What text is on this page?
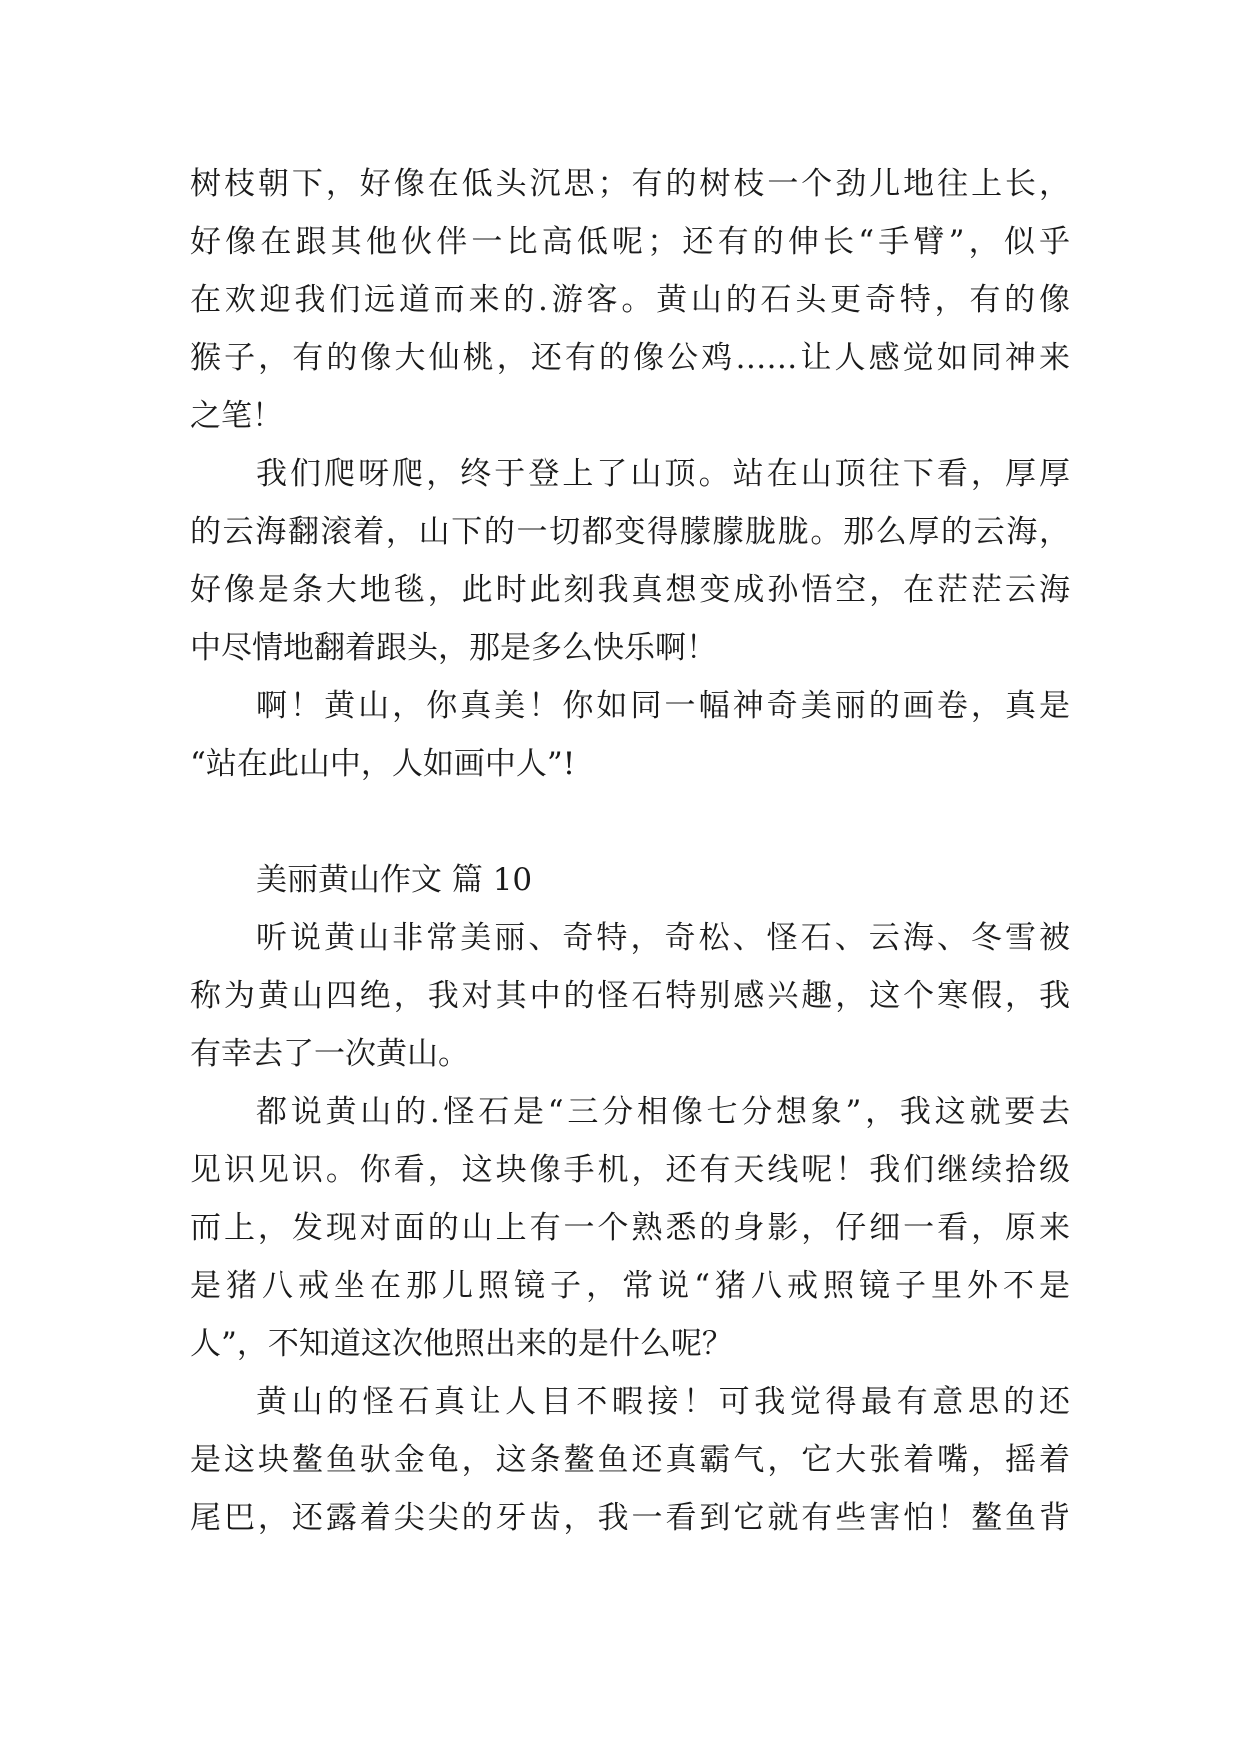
树枝朝下，好像在低头沉思；有的树枝一个劲儿地往上长，
好像在跟其他伙伴一比高低呢；还有的伸长“手臂”，似乎
在欢迎我们远道而来的.游客。黄山的石头更奇特，有的像
猴子，有的像大仙桃，还有的像公鸡……让人感觉如同神来
之笔！
我们爬呀爬，终于登上了山顶。站在山顶往下看，厚厚
的云海翻滚着，山下的一切都变得朦朦胧胧。那么厚的云海，
好像是条大地毯，此时此刻我真想变成孙悟空，在茫茫云海
中尽情地翻着跟头，那是多么快乐啊！
啊！黄山，你真美！你如同一幅神奇美丽的画卷，真是
“站在此山中，人如画中人”!
美丽黄山作文 篇 10
听说黄山非常美丽、奇特，奇松、怪石、云海、冬雪被
称为黄山四绝，我对其中的怪石特别感兴趣，这个寒假，我
有幸去了一次黄山。
都说黄山的.怪石是“三分相像七分想象”，我这就要去
见识见识。你看，这块像手机，还有天线呢！我们继续拾级
而上，发现对面的山上有一个熟悉的身影，仔细一看，原来
是猪八戒坐在那儿照镜子，常说“猪八戒照镜子里外不是
人”，不知道这次他照出来的是什么呢？
黄山的怪石真让人目不暇接！可我觉得最有意思的还
是这块鳌鱼驮金龟，这条鳌鱼还真霸气，它大张着嘴，摇着
尾巴，还露着尖尖的牙齿，我一看到它就有些害怕！鳌鱼背
